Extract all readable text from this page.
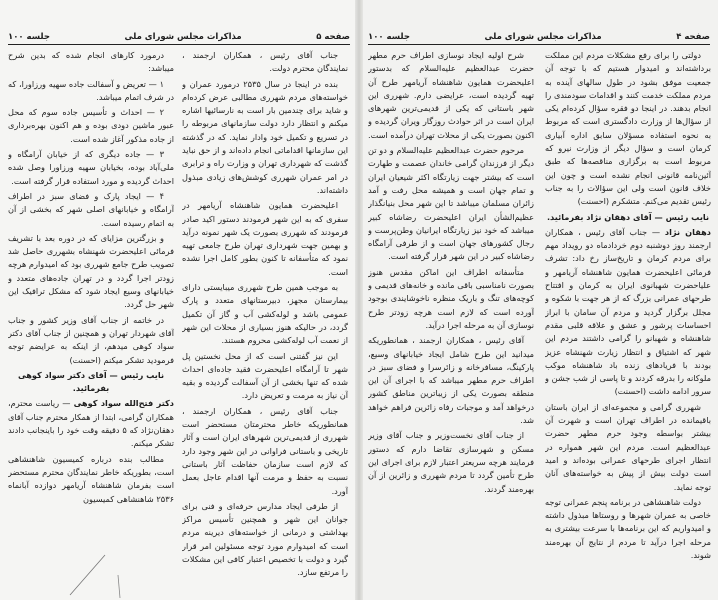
صفحه ۵
مذاکرات مجلس شورای ملی
جلسه ۱۰۰

جناب آقای رئیس ، همکاران ارجمند ، نمایندگان محترم دولت.

بنده در اینجا در سال ۲۵۳۵ درمورد عمران و خواسته‌های مردم شهرری مطالبی عرض کرده‌ام و شاید برای چندمین بار است به نارسائیها اشاره میکنم و انتظار دارد دولت سازمانهای مربوطه را در تسریع و تکمیل خود وادار نماید. که در گذشته این سازمانها اقداماتی انجام داده‌اند و از حق نباید گذشت که شهرداری تهران و وزارت راه و ترابری در امر عمران شهرری کوشش‌های زیادی مبذول داشته‌اند.

اعلیحضرت همایون شاهنشاه آریامهر در سفری که به این شهر فرمودند دستور اکید صادر فرمودند که شهرری بصورت یک شهر نمونه درآید و بهمین جهت شهرداری تهران طرح جامعی تهیه نمود که متأسفانه تا کنون بطور کامل اجرا نشده است.

به موجب همین طرح شهرری میبایستی دارای بیمارستان مجهز، دبیرستانهای متعدد و پارک عمومی باشد و لوله‌کشی آب و گاز آن تکمیل گردد، در حالیکه هنوز بسیاری از محلات این شهر از نعمت آب لوله‌کشی محروم هستند.

این نیز گفتنی است که از محل نخستین پل شهر تا آرامگاه اعلیحضرت فقید جاده‌ای احداث شده که تنها بخشی از آن آسفالت گردیده و بقیه آن نیاز به مرمت و تعریض دارد.

جناب آقای رئیس ، همکاران ارجمند ، همانطوریکه خاطر محترمتان مستحضر است شهرری از قدیمی‌ترین شهرهای ایران است و آثار تاریخی و باستانی فراوانی در این شهر وجود دارد که لازم است سازمان حفاظت آثار باستانی نسبت به حفظ و مرمت آنها اقدام عاجل بعمل آورد.

از طرفی ایجاد مدارس حرفه‌ای و فنی برای جوانان این شهر و همچنین تأسیس مراکز بهداشتی و درمانی از خواسته‌های دیرینه مردم است که امیدوارم مورد توجه مسئولین امر قرار گیرد و دولت با تخصیص اعتبار کافی این مشکلات را مرتفع سازد.

درمورد کارهای انجام شده که بدین شرح میباشد:

۱ — تعریض و آسفالت جاده سهیه ورزاورا، که در شرف اتمام میباشد.

۲ — احداث و تأسیس جاده سوم که محل عبور ماشین دودی بوده و هم اکنون بهره‌برداری از جاده مذکور آغاز شده است.

۳ — جاده دیگری که از خیابان آرامگاه و ملی‌آباد بوده، بخیابان سهیه ورزاورا وصل شده احداث گردیده و مورد استفاده قرار گرفته است.

۴ — ایجاد پارک و فضای سبز در اطراف آرامگاه و خیابانهای اصلی شهر که بخشی از آن به اتمام رسیده است.

و بزرگترین مزایای که در دوره بعد با تشریف فرمائی اعلیحضرت شهنشاه بشهرری حاصل شد تصویب طرح جامع شهرری بود که امیدوارم هرچه زودتر اجرا گردد و در تهران جاده‌های متعدد و خیابانهای وسیع ایجاد شود که مشکل ترافیک این شهر حل گردد.

در خاتمه از جناب آقای وزیر کشور و جناب آقای شهردار تهران و همچنین از جناب آقای دکتر سواد کوهی میدهم، از اینکه به عرایضم توجه فرمودید تشکر میکنم (احسنت)

نایب رئیس — آقای دکتر سواد کوهی بفرمائید.

دکتر فتح‌الله سواد کوهی — ریاست محترم، همکاران گرامی، ابتدا از همکار محترم جناب آقای دهقان‌نژاد که ۵ دقیقه وقت خود را باینجانب دادند تشکر میکنم.

مطالب بنده درباره کمیسیون شاهنشاهی است، بطوریکه خاطر نمایندگان محترم مستحضر است بفرمان شاهنشاه آریامهر دوازده آبانماه ۲۵۳۶ شاهنشاهی کمیسیون

صفحه ۴
مذاکرات مجلس شورای ملی
جلسه ۱۰۰

دولتی را برای رفع مشکلات مردم این مملکت برداشته‌اند و امیدوار هستیم که با توجه آن جمعیت موفق بشود در طول سالهای آینده به مردم مملکت خدمت کنند و اقدامات سودمندی را انجام بدهند. در اینجا دو فقره سؤال کرده‌ام یکی از سؤال‌ها از وزارت دادگستری است که مربوط به نحوه استفاده مسؤلان سابق اداره آبیاری کرمان است و سؤال دیگر از وزارت نیرو که مربوط است به برگزاری مناقصه‌ها که طبق آئین‌نامه قانونی انجام نشده است و چون این خلاف قانون است ولی این سؤالات را به جناب رئیس تقدیم می‌کنم. متشکرم (احسنت)

نایب رئیس — آقای دهقان نژاد بفرمائید.

دهقان نژاد — جناب آقای رئیس ، همکاران ارجمند روز دوشنبه دوم خردادماه دو رویداد مهم برای مردم کرمان و تاریخ‌ساز رخ داد: تشرف فرمائی اعلیحضرت همایون شاهنشاه آریامهر و علیاحضرت شهبانوی ایران به کرمان و افتتاح طرحهای عمرانی بزرگ که از هر جهت با شکوه و مجلل برگزار گردید و مردم آن سامان با ابراز احساسات پرشور و عشق و علاقه قلبی مقدم شاهنشاه و شهبانو را گرامی داشتند مردم این شهر که اشتیاق و انتظار زیارت شهنشاه عزیز بودند با فریادهای زنده باد شاهنشاه موکب ملوکانه را بدرقه کردند و تا پاسی از شب جشن و سرور ادامه داشت (احسنت)

شهرری گرامی و مجموعه‌ای از ایران باستان باقیمانده در اطراف تهران است و شهرت آن بیشتر بواسطه وجود حرم مطهر حضرت عبدالعظیم است. مردم این شهر همواره در انتظار اجرای طرحهای عمرانی بوده‌اند و امید است دولت بیش از پیش به خواسته‌های آنان توجه نماید.

دولت شاهنشاهی در برنامه پنجم عمرانی توجه خاصی به عمران شهرها و روستاها مبذول داشته و امیدواریم که این برنامه‌ها با سرعت بیشتری به مرحله اجرا درآید تا مردم از نتایج آن بهره‌مند شوند.

شرح اولیه ایجاد نوسازی اطراف حرم مطهر حضرت عبدالعظیم علیه‌السلام که بدستور اعلیحضرت همایون شاهنشاه آریامهر طرح آن تهیه گردیده است، عرایضی دارم. شهرری این شهر باستانی که یکی از قدیمی‌ترین شهرهای ایران است در اثر حوادث روزگار ویران گردیده و اکنون بصورت یکی از محلات تهران درآمده است.

مرحوم حضرت عبدالعظیم علیه‌السلام و دو تن دیگر از فرزندان گرامی خاندان عصمت و طهارت است که بیشتر جهت زیارتگاه اکثر شیعیان ایران و تمام جهان است و همیشه محل رفت و آمد زائران مسلمان میباشد تا این شهر محل بنیانگذار عظیم‌الشأن ایران اعلیحضرت رضاشاه کبیر میباشد که خود نیز زیارتگاه ایرانیان وطن‌پرست و رجال کشورهای جهان است و از طرفی آرامگاه رضاشاه کبیر در این شهر قرار گرفته است.

متأسفانه اطراف این اماکن مقدس هنوز بصورت نامناسبی باقی مانده و خانه‌های قدیمی و کوچه‌های تنگ و باریک منظره ناخوشایندی بوجود آورده است که لازم است هرچه زودتر طرح نوسازی آن به مرحله اجرا درآید.

آقای رئیس ، همکاران ارجمند ، همانطوریکه میدانید این طرح شامل ایجاد خیابانهای وسیع، پارکینگ، مسافرخانه و زائرسرا و فضای سبز در اطراف حرم مطهر میباشد که با اجرای آن این منطقه بصورت یکی از زیباترین مناطق کشور درخواهد آمد و موجبات رفاه زائرین فراهم خواهد شد.

از جناب آقای نخست‌وزیر و جناب آقای وزیر مسکن و شهرسازی تقاضا دارم که دستور فرمایند هرچه سریعتر اعتبار لازم برای اجرای این طرح تأمین گردد تا مردم شهرری و زائرین از آن بهره‌مند گردند.
